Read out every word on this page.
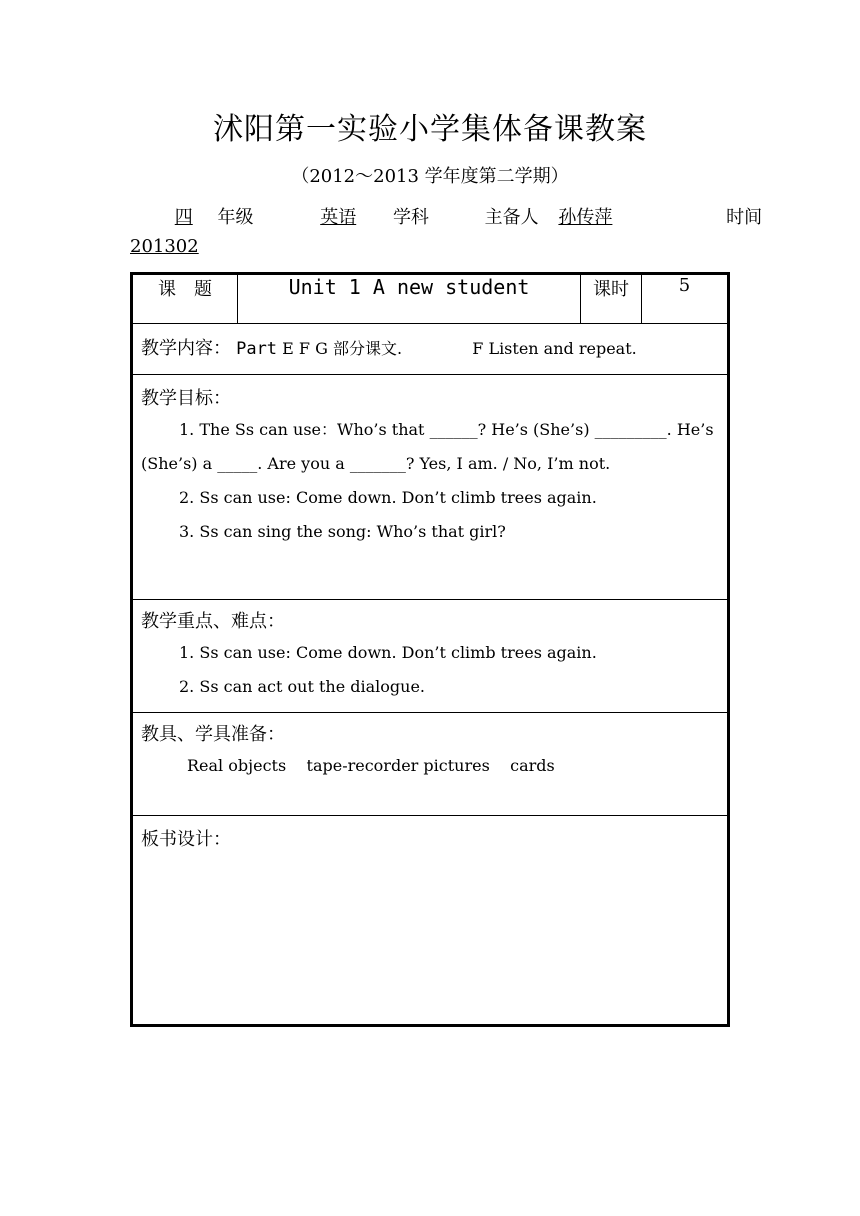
沭阳第一实验小学集体备课教案
（2012～2013 学年度第二学期）
四 年级	英语 学科	主备人 孙传萍	时间
201302
课　题	Unit 1 A new student	课时	5

教学内容： Part E F G 部分课文.	F Listen and repeat.

教学目标：
1. The Ss can use：Who’s that ______? He’s (She’s) _________. He’s
(She’s) a _____. Are you a _______? Yes, I am. / No, I’m not.
2. Ss can use: Come down. Don’t climb trees again.
3. Ss can sing the song: Who’s that girl?

教学重点、难点：
1. Ss can use: Come down. Don’t climb trees again.
2. Ss can act out the dialogue.

教具、学具准备：
Real objects    tape-recorder pictures    cards

板书设计：
